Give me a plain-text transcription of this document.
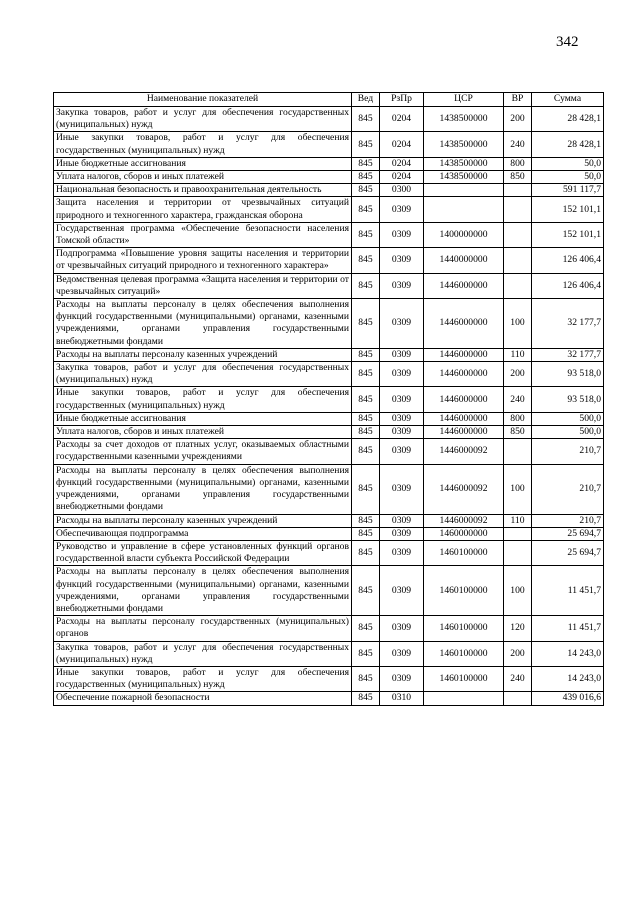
342
Наименование показателей	Вед	РзПр	ЦСР	ВР	Сумма
Закупка товаров, работ и услуг для обеспечения государственных (муниципальных) нужд	845	0204	1438500000	200	28 428,1
Иные закупки товаров, работ и услуг для обеспечения государственных (муниципальных) нужд	845	0204	1438500000	240	28 428,1
Иные бюджетные ассигнования	845	0204	1438500000	800	50,0
Уплата налогов, сборов и иных платежей	845	0204	1438500000	850	50,0
Национальная безопасность и правоохранительная деятельность	845	0300			591 117,7
Защита населения и территории от чрезвычайных ситуаций природного и техногенного характера, гражданская оборона	845	0309			152 101,1
Государственная программа «Обеспечение безопасности населения Томской области»	845	0309	1400000000		152 101,1
Подпрограмма «Повышение уровня защиты населения и территории от чрезвычайных ситуаций природного и техногенного характера»	845	0309	1440000000		126 406,4
Ведомственная целевая программа «Защита населения и территории от чрезвычайных ситуаций»	845	0309	1446000000		126 406,4
Расходы на выплаты персоналу в целях обеспечения выполнения функций государственными (муниципальными) органами, казенными учреждениями, органами управления государственными внебюджетными фондами	845	0309	1446000000	100	32 177,7
Расходы на выплаты персоналу казенных учреждений	845	0309	1446000000	110	32 177,7
Закупка товаров, работ и услуг для обеспечения государственных (муниципальных) нужд	845	0309	1446000000	200	93 518,0
Иные закупки товаров, работ и услуг для обеспечения государственных (муниципальных) нужд	845	0309	1446000000	240	93 518,0
Иные бюджетные ассигнования	845	0309	1446000000	800	500,0
Уплата налогов, сборов и иных платежей	845	0309	1446000000	850	500,0
Расходы за счет доходов от платных услуг, оказываемых областными государственными казенными учреждениями	845	0309	1446000092		210,7
Расходы на выплаты персоналу в целях обеспечения выполнения функций государственными (муниципальными) органами, казенными учреждениями, органами управления государственными внебюджетными фондами	845	0309	1446000092	100	210,7
Расходы на выплаты персоналу казенных учреждений	845	0309	1446000092	110	210,7
Обеспечивающая подпрограмма	845	0309	1460000000		25 694,7
Руководство и управление в сфере установленных функций органов государственной власти субъекта Российской Федерации	845	0309	1460100000		25 694,7
Расходы на выплаты персоналу в целях обеспечения выполнения функций государственными (муниципальными) органами, казенными учреждениями, органами управления государственными внебюджетными фондами	845	0309	1460100000	100	11 451,7
Расходы на выплаты персоналу государственных (муниципальных) органов	845	0309	1460100000	120	11 451,7
Закупка товаров, работ и услуг для обеспечения государственных (муниципальных) нужд	845	0309	1460100000	200	14 243,0
Иные закупки товаров, работ и услуг для обеспечения государственных (муниципальных) нужд	845	0309	1460100000	240	14 243,0
Обеспечение пожарной безопасности	845	0310			439 016,6
